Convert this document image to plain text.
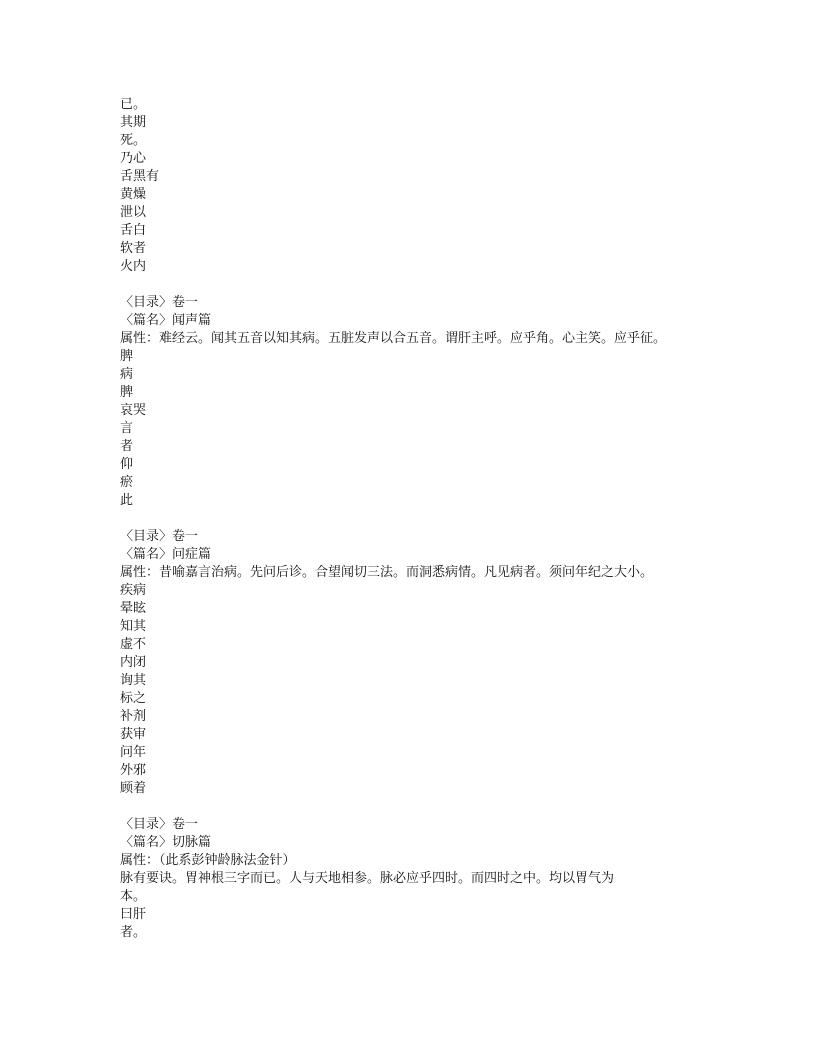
已。
其期
死。
乃心
舌黑有
黄燥
泄以
舌白
软者
火内
〈目录〉卷一
〈篇名〉闻声篇
属性：难经云。闻其五音以知其病。五脏发声以合五音。谓肝主呼。应乎角。心主笑。应乎征。
脾
病
脾
哀哭
言
者
仰
瘀
此
〈目录〉卷一
〈篇名〉问症篇
属性：昔喻嘉言治病。先问后诊。合望闻切三法。而洞悉病情。凡见病者。须问年纪之大小。
疾病
晕眩
知其
虚不
内闭
询其
标之
补剂
获审
问年
外邪
顾着
〈目录〉卷一
〈篇名〉切脉篇
属性：（此系彭钟龄脉法金针）
脉有要诀。胃神根三字而已。人与天地相参。脉必应乎四时。而四时之中。均以胃气为
本。
曰肝
者。
